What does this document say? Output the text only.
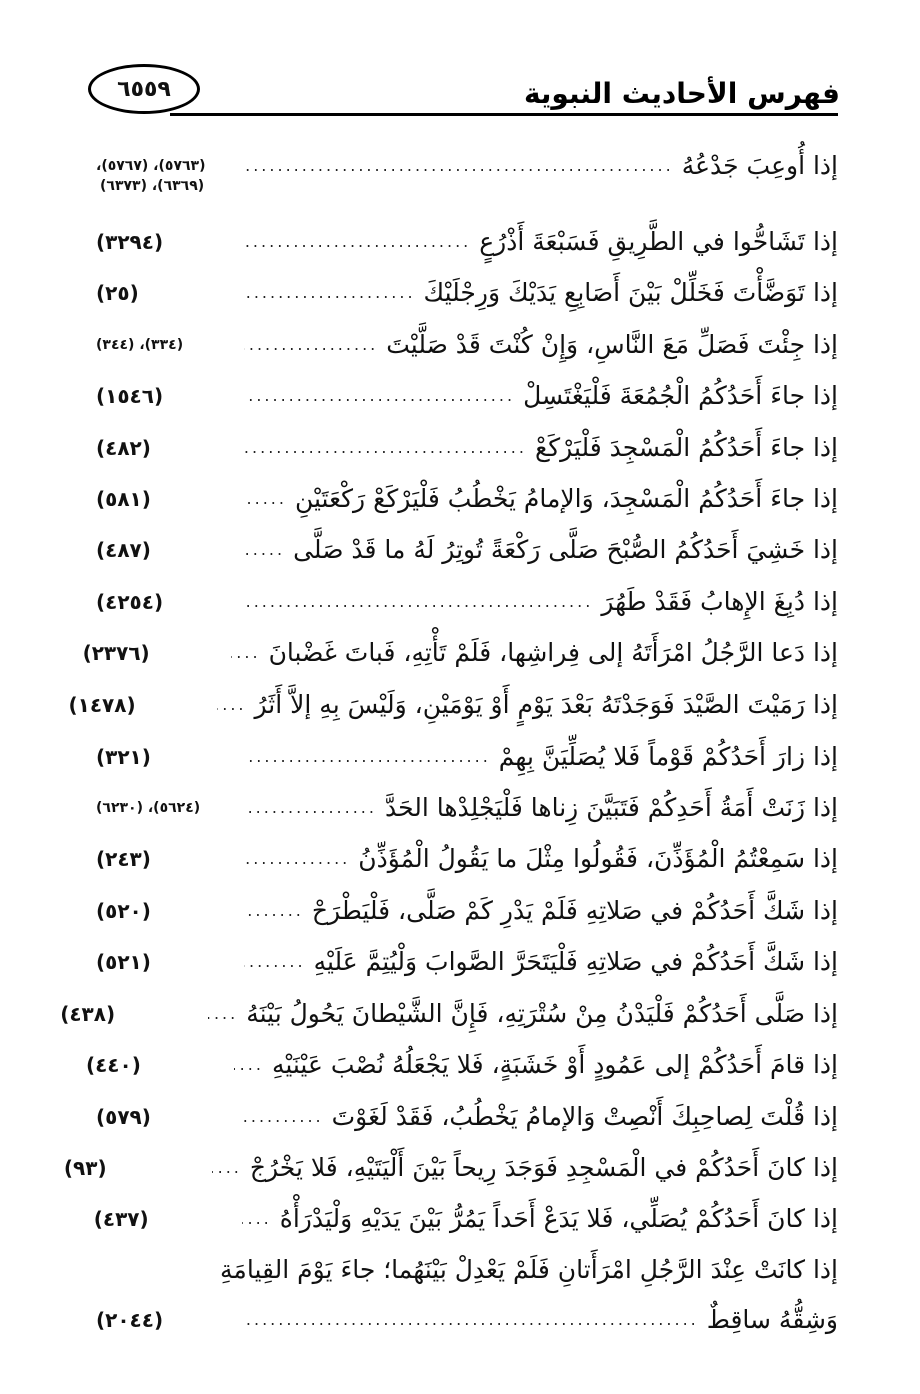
فهرس الأحاديث النبوية
٦٥٥٩
إذا أُوعِبَ جَدْعُهُ
.....
(٥٧٦٣)، (٥٧٦٧)،
(٦٣٦٩)، (٦٣٧٣)
إذا تَشَاحُّوا في الطَّرِيقِ فَسَبْعَةَ أَذْرُعٍ
.....
(٣٢٩٤)
إذا تَوَضَّأْتَ فَخَلِّلْ بَيْنَ أَصَابِعِ يَدَيْكَ وَرِجْلَيْكَ
.....
(٢٥)
إذا جِئْتَ فَصَلِّ مَعَ النَّاسِ، وَإِنْ كُنْتَ قَدْ صَلَّيْتَ
.....
(٣٣٤)، (٣٤٤)
إذا جاءَ أَحَدُكُمُ الْجُمُعَةَ فَلْيَغْتَسِلْ
.....
(١٥٤٦)
إذا جاءَ أَحَدُكُمُ الْمَسْجِدَ فَلْيَرْكَعْ
.....
(٤٨٢)
إذا جاءَ أَحَدُكُمُ الْمَسْجِدَ، وَالإمامُ يَخْطُبُ فَلْيَرْكَعْ رَكْعَتَيْنِ
.....
(٥٨١)
إذا خَشِيَ أَحَدُكُمُ الصُّبْحَ صَلَّى رَكْعَةً تُوتِرُ لَهُ ما قَدْ صَلَّى
.....
(٤٨٧)
إذا دُبِغَ الإِهابُ فَقَدْ طَهُرَ
.....
(٤٢٥٤)
إذا دَعا الرَّجُلُ امْرَأَتَهُ إلى فِراشِها، فَلَمْ تَأْتِهِ، فَباتَ غَضْبانَ
.....
(٢٣٧٦)
إذا رَمَيْتَ الصَّيْدَ فَوَجَدْتَهُ بَعْدَ يَوْمٍ أَوْ يَوْمَيْنِ، وَلَيْسَ بِهِ إلاَّ أَثَرُ
.....
(١٤٧٨)
إذا زارَ أَحَدُكُمْ قَوْماً فَلا يُصَلِّيَنَّ بِهِمْ
.....
(٣٢١)
إذا زَنَتْ أَمَةُ أَحَدِكُمْ فَتَبَيَّنَ زِناها فَلْيَجْلِدْها الحَدَّ
.....
(٥٦٢٤)، (٦٢٣٠)
إذا سَمِعْتُمُ الْمُؤَذِّنَ، فَقُولُوا مِثْلَ ما يَقُولُ الْمُؤَذِّنُ
.....
(٢٤٣)
إذا شَكَّ أَحَدُكُمْ في صَلاتِهِ فَلَمْ يَدْرِ كَمْ صَلَّى، فَلْيَطْرَحْ
.....
(٥٢٠)
إذا شَكَّ أَحَدُكُمْ في صَلاتِهِ فَلْيَتَحَرَّ الصَّوابَ وَلْيُتِمَّ عَلَيْهِ
.....
(٥٢١)
إذا صَلَّى أَحَدُكُمْ فَلْيَدْنُ مِنْ سُتْرَتِهِ، فَإِنَّ الشَّيْطانَ يَحُولُ بَيْنَهُ
.....
(٤٣٨)
إذا قامَ أَحَدُكُمْ إلى عَمُودٍ أَوْ خَشَبَةٍ، فَلا يَجْعَلُهُ نُصْبَ عَيْنَيْهِ
.....
(٤٤٠)
إذا قُلْتَ لِصاحِبِكَ أَنْصِتْ وَالإمامُ يَخْطُبُ، فَقَدْ لَغَوْتَ
.....
(٥٧٩)
إذا كانَ أَحَدُكُمْ في الْمَسْجِدِ فَوَجَدَ رِيحاً بَيْنَ أَلْيَتَيْهِ، فَلا يَخْرُجْ
.....
(٩٣)
إذا كانَ أَحَدُكُمْ يُصَلِّي، فَلا يَدَعْ أَحَداً يَمُرُّ بَيْنَ يَدَيْهِ وَلْيَدْرَأْهُ
.....
(٤٣٧)
إذا كانَتْ عِنْدَ الرَّجُلِ امْرَأَتانِ فَلَمْ يَعْدِلْ بَيْنَهُما؛ جاءَ يَوْمَ القِيامَةِ
وَشِقُّهُ ساقِطٌ
.....
(٢٠٤٤)
